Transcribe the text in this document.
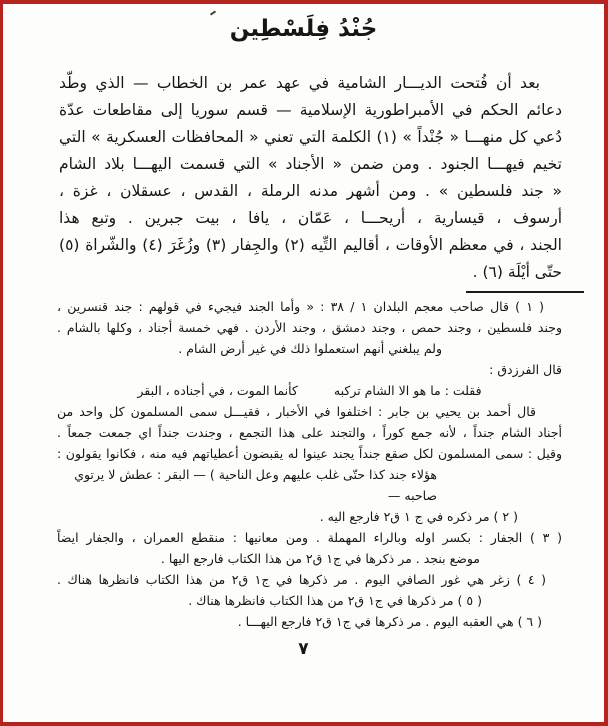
جُنْدُ فِلَسْطِين
بعد أن فُتحت الديـــار الشامية في عهد عمر بن الخطاب — الذي وطّد
دعائم الحكم في الأمبراطورية الإسلامية — قسم سوريا إلى مقاطعات عدّة
دُعي كل منهـــا « جُنْداً » (١) الكلمة التي تعني « المحافظات العسكرية » التي
تخيم فيهـــا الجنود . ومن ضمن « الأجناد » التي قسمت اليهـــا بلاد الشام
« جند فلسطين » . ومن أشهر مدنه الرملة ، القدس ، عسقلان ، غزة ،
أرسوف ، قيسارية ، أريحـــا ، عَمّان ، يافا ، بيت جبرين . وتبع هذا
الجند ، في معظم الأوقات ، أقاليم التِّيه (٢) والجِفار (٣) وزُغَرَ (٤) والشّراة (٥)
حتّى أيْلَة (٦) .
( ١ ) قال صاحب معجم البلدان ١ / ٣٨ : « وأما الجند فيجيء في قولهم : جند قنسرين ،
وجند فلسطين ، وجند حمص ، وجند دمشق ، وجند الأردن . فهي خمسة أجناد ، وكلها بالشام .
ولم يبلغني أنهم استعملوا ذلك في غير أرض الشام .
قال الفرزدق :
فقلت : ما هو الا الشام تركبه
كأنما الموت ، في أجناده ، البقر
قال أحمد بن يحيي بن جابر : اختلفوا في الأخبار ، فقيـــل سمى المسلمون كل واحد من
أجناد الشام جنداً ، لأنه جمع كوراً ، والتجند على هذا التجمع ، وجندت جنداً اي جمعت جمعاً .
وقيل : سمى المسلمون لكل صقع جنداً يجند عينوا له يقبضون أعطياتهم فيه منه ، فكانوا يقولون :
هؤلاء جند كذا حتّى غلب عليهم وعل الناحية ) — البقر : عطش لا يرتوي صاحبه —
( ٢ ) مر ذكره في ج ١ ق٢ فارجع اليه .
( ٣ ) الجفار : بكسر اوله وبالراء المهملة . ومن معانيها : منقطع العمران ، والجفار ايضاً
موضع بنجد . مر ذكرها في ج١ ق٢ من هذا الكتاب فارجع اليها .
( ٤ ) زغر هي غور الصافي اليوم . مر ذكرها في ج١ ق٢ من هذا الكتاب فانظرها هناك .
( ٥ ) مر ذكرها في ج١ ق٢ من هذا الكتاب فانظرها هناك .
( ٦ ) هي العقبه اليوم . مر ذكرها في ج١ ق٢ فارجع اليهـــا .
٧
